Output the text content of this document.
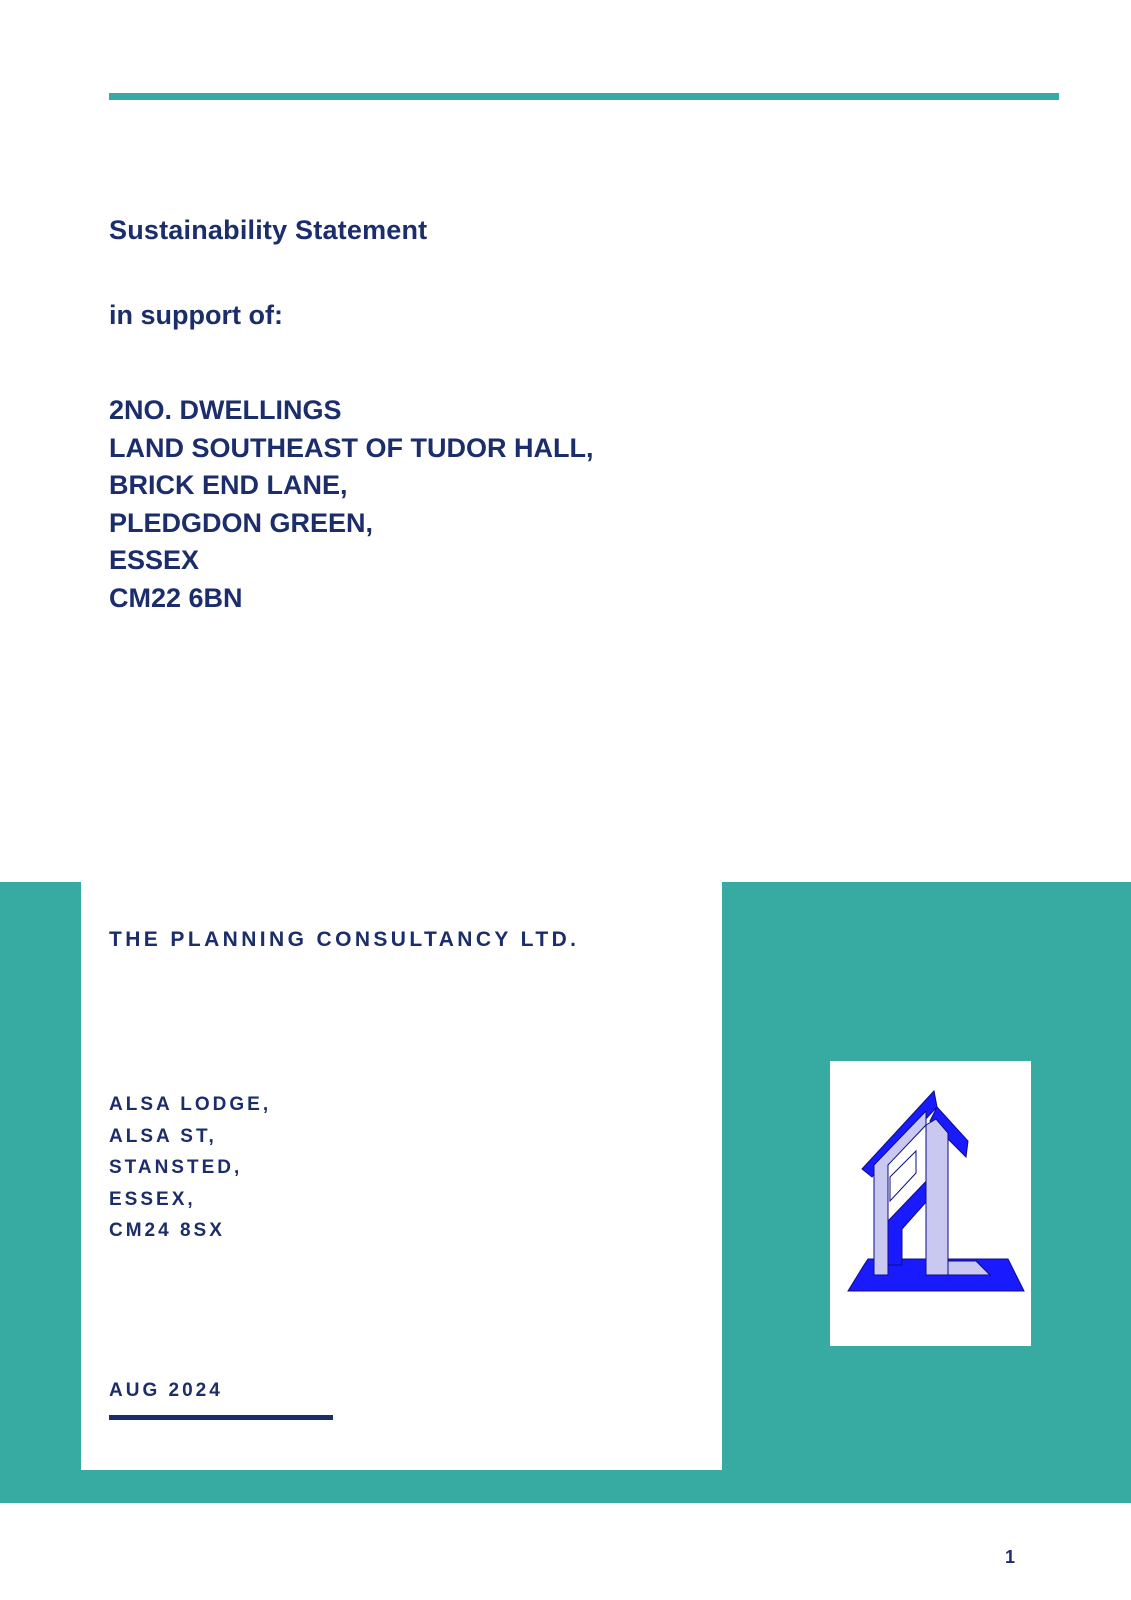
Sustainability Statement

in support of:

2NO. DWELLINGS
LAND SOUTHEAST OF TUDOR HALL,
BRICK END LANE,
PLEDGDON GREEN,
ESSEX
CM22 6BN

THE PLANNING CONSULTANCY LTD.

ALSA LODGE,
ALSA ST,
STANSTED,
ESSEX,
CM24 8SX

AUG 2024

1
